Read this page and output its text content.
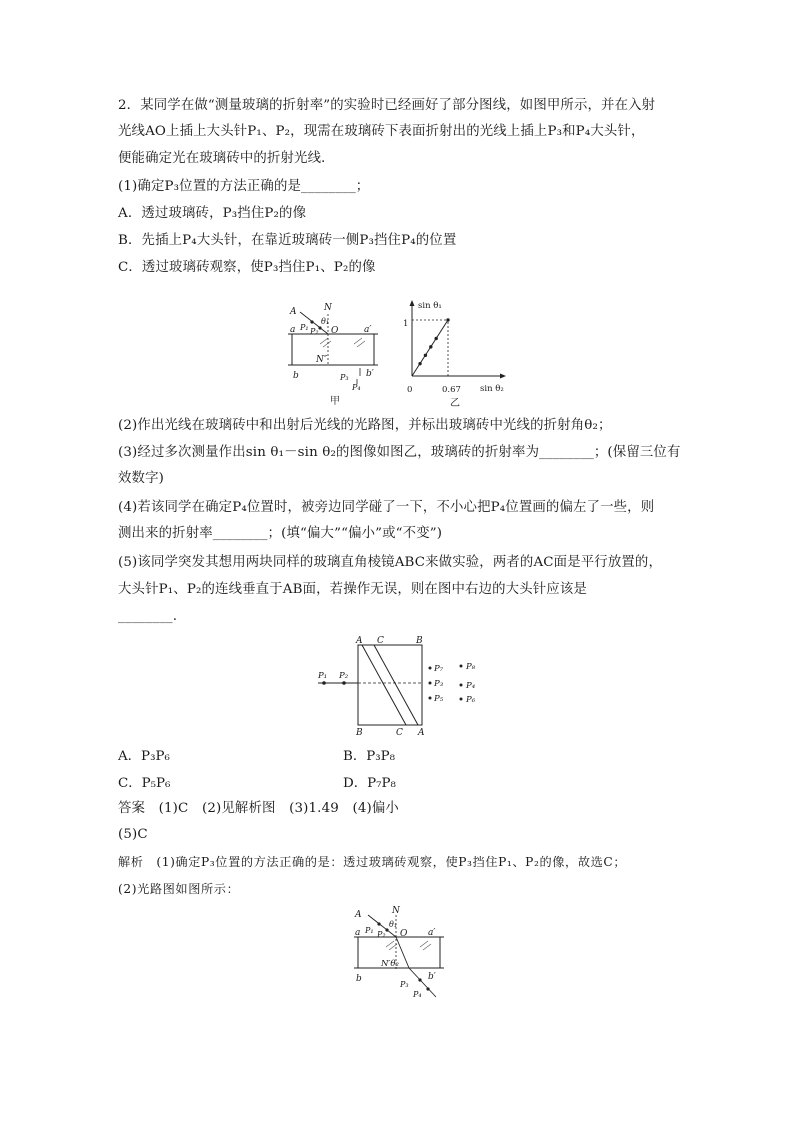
2．某同学在做“测量玻璃的折射率”的实验时已经画好了部分图线，如图甲所示，并在入射
光线AO上插上大头针P₁、P₂，现需在玻璃砖下表面折射出的光线上插上P₃和P₄大头针，
便能确定光在玻璃砖中的折射光线．
(1)确定P₃位置的方法正确的是________；
A．透过玻璃砖，P₃挡住P₂的像
B．先插上P₄大头针，在靠近玻璃砖一侧P₃挡住P₄的位置
C．透过玻璃砖观察，使P₃挡住P₁、P₂的像
A	N
θ₁
a P₁ P₂ O	a′
N″
b	b′
P₃
P₄
甲
sin θ₁
sin θ₂
0	0.67
1
乙
(2)作出光线在玻璃砖中和出射后光线的光路图，并标出玻璃砖中光线的折射角θ₂；
(3)经过多次测量作出sin θ₁－sin θ₂的图像如图乙，玻璃砖的折射率为________；(保留三位有
效数字)
(4)若该同学在确定P₄位置时，被旁边同学碰了一下，不小心把P₄位置画的偏左了一些，则
测出来的折射率________；(填“偏大”“偏小”或“不变”)
(5)该同学突发其想用两块同样的玻璃直角棱镜ABC来做实验，两者的AC面是平行放置的，
大头针P₁、P₂的连线垂直于AB面，若操作无误，则在图中右边的大头针应该是
________.
A C	B
B	C A
P₁ P₂
P₇
P₃
P₅
P₈
P₄
P₆
A．P₃P₆	B．P₃P₈
C．P₅P₆	D．P₇P₈
答案　(1)C　(2)见解析图　(3)1.49　(4)偏小
(5)C
解析　(1)确定P₃位置的方法正确的是：透过玻璃砖观察，使P₃挡住P₁、P₂的像，故选C；
(2)光路图如图所示：
A	N
θ₁
a P₁ P₂ O a′
N′θ₂
b	b′
P₃
P₄
